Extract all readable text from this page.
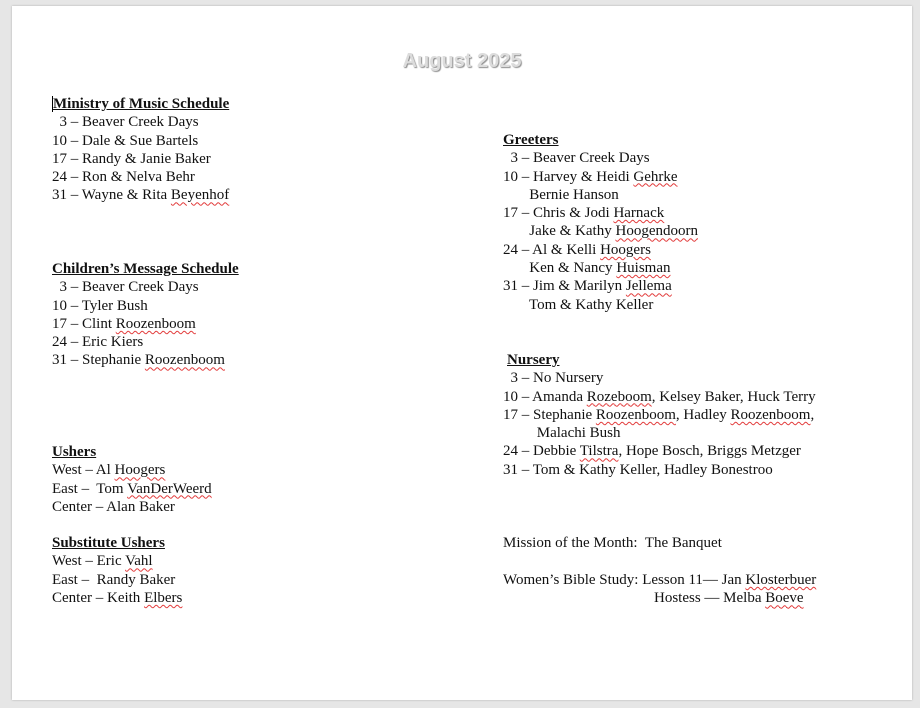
August 2025
Ministry of Music Schedule
3 – Beaver Creek Days
10 – Dale & Sue Bartels
17 – Randy & Janie Baker
24 – Ron & Nelva Behr
31 – Wayne & Rita Beyenhof
Children’s Message Schedule
3 – Beaver Creek Days
10 – Tyler Bush
17 – Clint Roozenboom
24 – Eric Kiers
31 – Stephanie Roozenboom
Ushers
West – Al Hoogers
East –  Tom VanDerWeerd
Center – Alan Baker
Substitute Ushers
West – Eric Vahl
East –  Randy Baker
Center – Keith Elbers
Greeters
3 – Beaver Creek Days
10 – Harvey & Heidi Gehrke
Bernie Hanson
17 – Chris & Jodi Harnack
Jake & Kathy Hoogendoorn
24 – Al & Kelli Hoogers
Ken & Nancy Huisman
31 – Jim & Marilyn Jellema
Tom & Kathy Keller
Nursery
3 – No Nursery
10 – Amanda Rozeboom, Kelsey Baker, Huck Terry
17 – Stephanie Roozenboom, Hadley Roozenboom,
Malachi Bush
24 – Debbie Tilstra, Hope Bosch, Briggs Metzger
31 – Tom & Kathy Keller, Hadley Bonestroo
Mission of the Month:  The Banquet
Women’s Bible Study: Lesson 11— Jan Klosterbuer
Hostess — Melba Boeve
